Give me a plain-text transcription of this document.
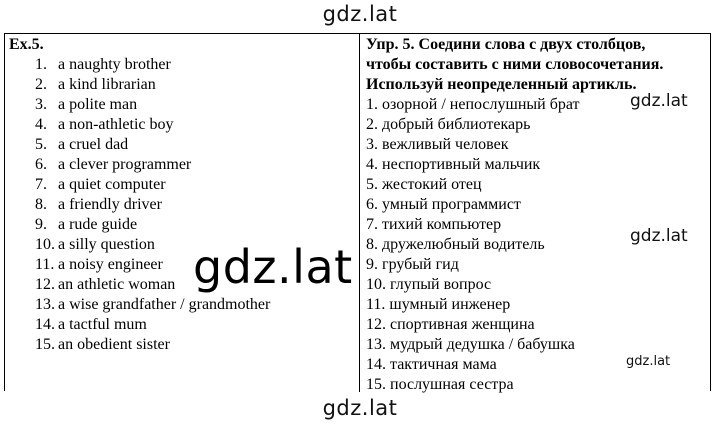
gdz.lat
Ex.5.
1. a naughty brother
2. a kind librarian
3. a polite man
4. a non-athletic boy
5. a cruel dad
6. a clever programmer
7. a quiet computer
8. a friendly driver
9. a rude guide
10. a silly question
11. a noisy engineer
12. an athletic woman
13. a wise grandfather / grandmother
14. a tactful mum
15. an obedient sister
Упр. 5. Соедини слова с двух столбцов,
чтобы составить с ними словосочетания.
Используй неопределенный артикль.
1. озорной / непослушный брат
2. добрый библиотекарь
3. вежливый человек
4. неспортивный мальчик
5. жестокий отец
6. умный программист
7. тихий компьютер
8. дружелюбный водитель
9. грубый гид
10. глупый вопрос
11. шумный инженер
12. спортивная женщина
13. мудрый дедушка / бабушка
14. тактичная мама
15. послушная сестра
gdz.lat
gdz.lat
gdz.lat
gdz.lat
gdz.lat
